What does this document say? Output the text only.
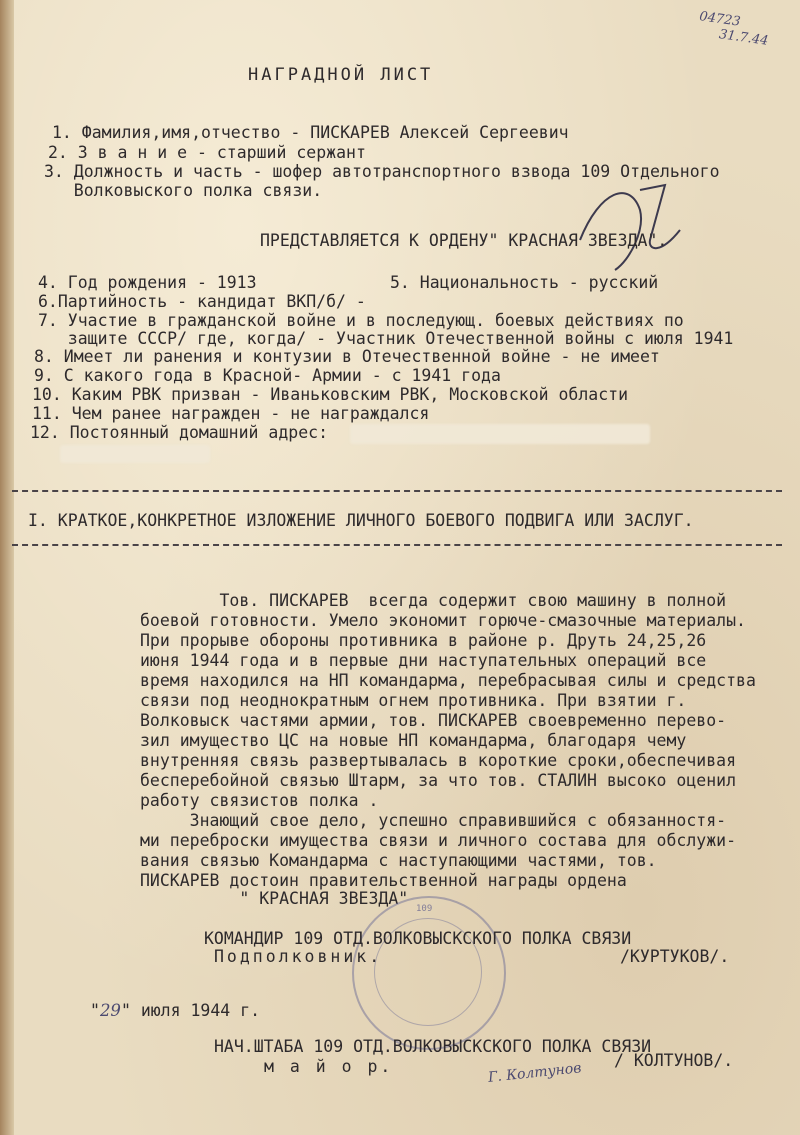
04723
31.7.44
НАГРАДНОЙ ЛИСТ
1. Фамилия,имя,отчество - ПИСКАРЕВ Алексей Сергеевич
2. З в а н и е - старший сержант
3. Должность и часть - шофер автотранспортного взвода 109 Отдельного
Волковыского полка связи.
ПРЕДСТАВЛЯЕТСЯ К ОРДЕНУ" КРАСНАЯ ЗВЕЗДА".
4. Год рождения - 1913	5. Национальность - русский
6.Партийность - кандидат ВКП/б/ -
7. Участие в гражданской войне и в последующ. боевых действиях по
защите СССР/ где, когда/ - Участник Отечественной войны с июля 1941
8. Имеет ли ранения и контузии в Отечественной войне - не имеет
9. С какого года в Красной- Армии - с 1941 года
10. Каким РВК призван - Иваньковским РВК, Московской области
11. Чем ранее награжден - не награждался
12. Постоянный домашний адрес:
I. КРАТКОЕ,КОНКРЕТНОЕ ИЗЛОЖЕНИЕ ЛИЧНОГО БОЕВОГО ПОДВИГА ИЛИ ЗАСЛУГ.
Тов. ПИСКАРЕВ  всегда содержит свою машину в полной
боевой готовности. Умело экономит горюче-смазочные материалы.
При прорыве обороны противника в районе р. Друть 24,25,26
июня 1944 года и в первые дни наступательных операций все
время находился на НП командарма, перебрасывая силы и средства
связи под неоднократным огнем противника. При взятии г.
Волковыск частями армии, тов. ПИСКАРЕВ своевременно перево-
зил имущество ЦС на новые НП командарма, благодаря чему
внутренняя связь развертывалась в короткие сроки,обеспечивая
бесперебойной связью Штарм, за что тов. СТАЛИН высоко оценил
работу связистов полка .
Знающий свое дело, успешно справившийся с обязанностя-
ми переброски имущества связи и личного состава для обслужи-
вания связью Командарма с наступающими частями, тов.
ПИСКАРЕВ достоин правительственной награды ордена
" КРАСНАЯ ЗВЕЗДА"
109
КОМАНДИР 109 ОТД.ВОЛКОВЫСКСКОГО ПОЛКА СВЯЗИ
Подполковник.	/КУРТУКОВ/.
"29" июля 1944 г.
НАЧ.ШТАБА 109 ОТД.ВОЛКОВЫСКСКОГО ПОЛКА СВЯЗИ
м а й о р.	/ КОЛТУНОВ/.
Г. Колтунов
